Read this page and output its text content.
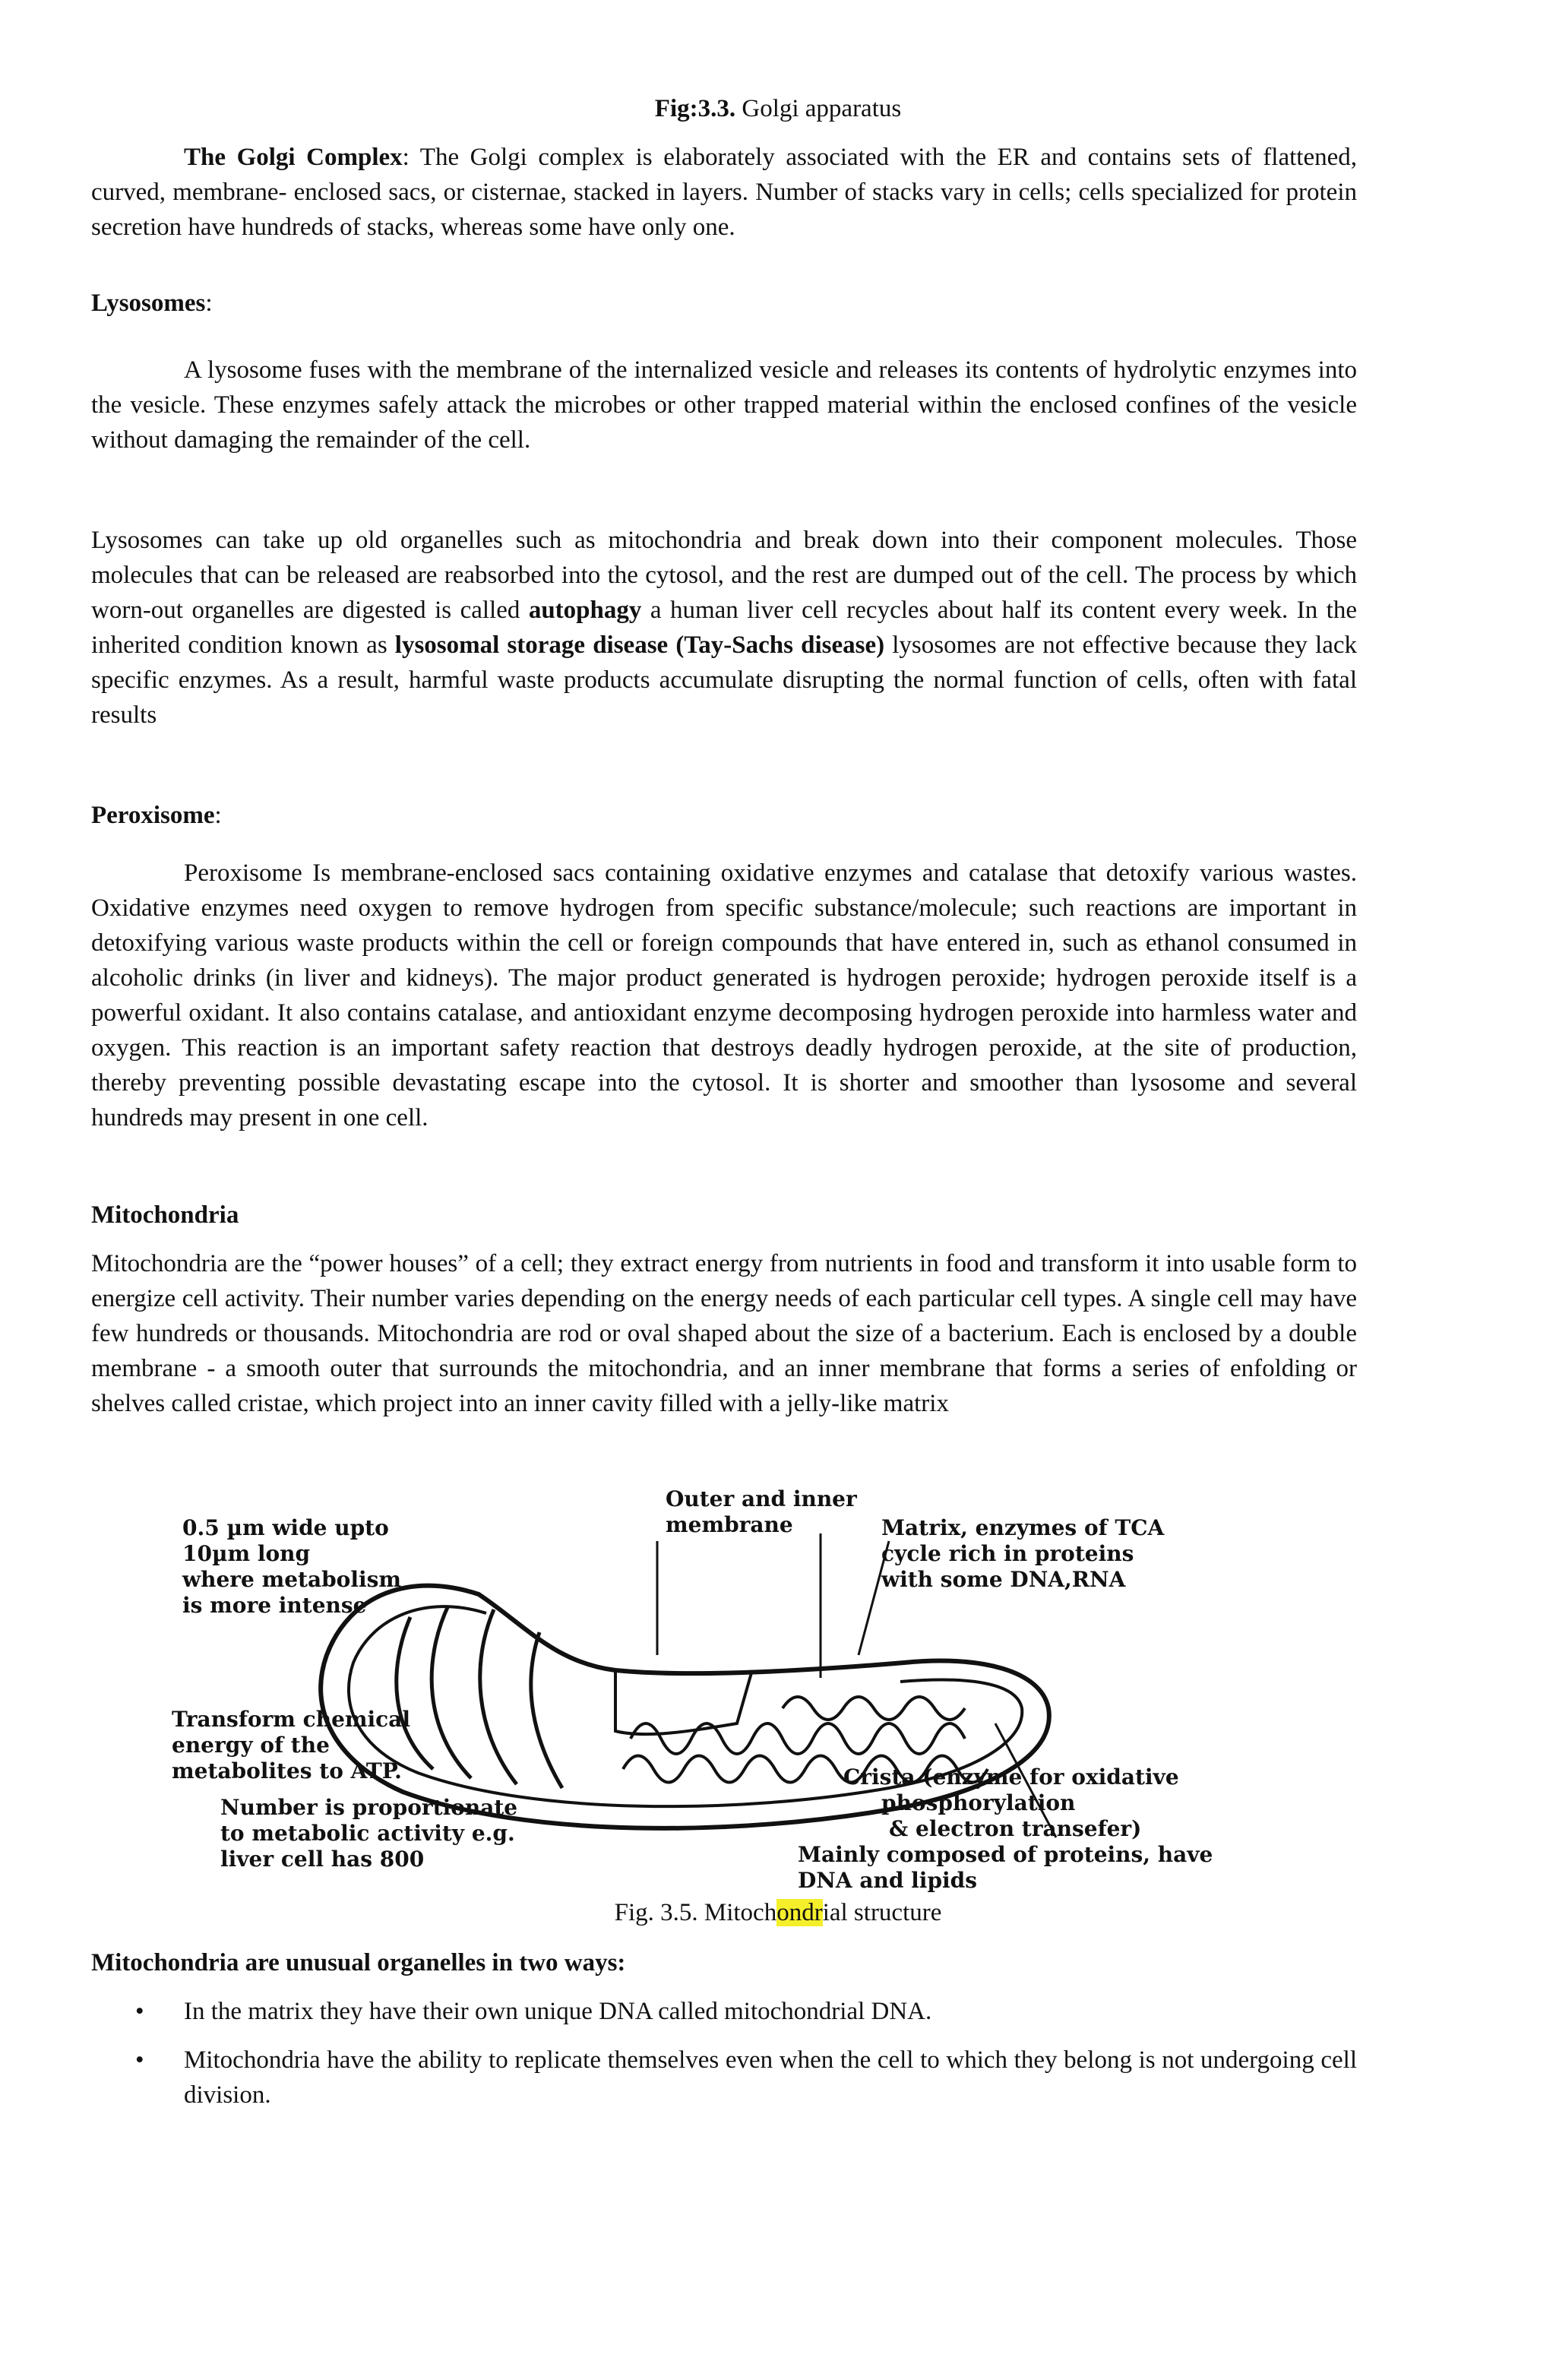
Fig:3.3. Golgi apparatus

The Golgi Complex: The Golgi complex is elaborately associated with the ER and contains sets of flattened, curved, membrane- enclosed sacs, or cisternae, stacked in layers. Number of stacks vary in cells; cells specialized for protein secretion have hundreds of stacks, whereas some have only one.

Lysosomes:

A lysosome fuses with the membrane of the internalized vesicle and releases its contents of hydrolytic enzymes into the vesicle. These enzymes safely attack the microbes or other trapped material within the enclosed confines of the vesicle without damaging the remainder of the cell.

Lysosomes can take up old organelles such as mitochondria and break down into their component molecules. Those molecules that can be released are reabsorbed into the cytosol, and the rest are dumped out of the cell. The process by which worn-out organelles are digested is called autophagy a human liver cell recycles about half its content every week. In the inherited condition known as lysosomal storage disease (Tay-Sachs disease) lysosomes are not effective because they lack specific enzymes. As a result, harmful waste products accumulate disrupting the normal function of cells, often with fatal results

Peroxisome:

Peroxisome Is membrane-enclosed sacs containing oxidative enzymes and catalase that detoxify various wastes. Oxidative enzymes need oxygen to remove hydrogen from specific substance/molecule; such reactions are important in detoxifying various waste products within the cell or foreign compounds that have entered in, such as ethanol consumed in alcoholic drinks (in liver and kidneys). The major product generated is hydrogen peroxide; hydrogen peroxide itself is a powerful oxidant. It also contains catalase, and antioxidant enzyme decomposing hydrogen peroxide into harmless water and oxygen. This reaction is an important safety reaction that destroys deadly hydrogen peroxide, at the site of production, thereby preventing possible devastating escape into the cytosol. It is shorter and smoother than lysosome and several hundreds may present in one cell.

Mitochondria

Mitochondria are the “power houses” of a cell; they extract energy from nutrients in food and transform it into usable form to energize cell activity. Their number varies depending on the energy needs of each particular cell types. A single cell may have few hundreds or thousands. Mitochondria are rod or oval shaped about the size of a bacterium. Each is enclosed by a double membrane - a smooth outer that surrounds the mitochondria, and an inner membrane that forms a series of enfolding or shelves called cristae, which project into an inner cavity filled with a jelly-like matrix

0.5 µm wide upto
10µm long
where metabolism
is more intense
Outer and inner
membrane	Matrix, enzymes of TCA
cycle rich in proteins
with some DNA,RNA
Transform chemical
energy of the
metabolites to ATP.
Number is proportionate
to metabolic activity e.g.
liver cell has 800
Crista (enzyme for oxidative
phosphorylation
& electron transefer)
Mainly composed of proteins, have
DNA and lipids
Fig. 3.5. Mitochondrial structure

Mitochondria are unusual organelles in two ways:

• In the matrix they have their own unique DNA called mitochondrial DNA.
• Mitochondria have the ability to replicate themselves even when the cell to which they belong is not undergoing cell division.
